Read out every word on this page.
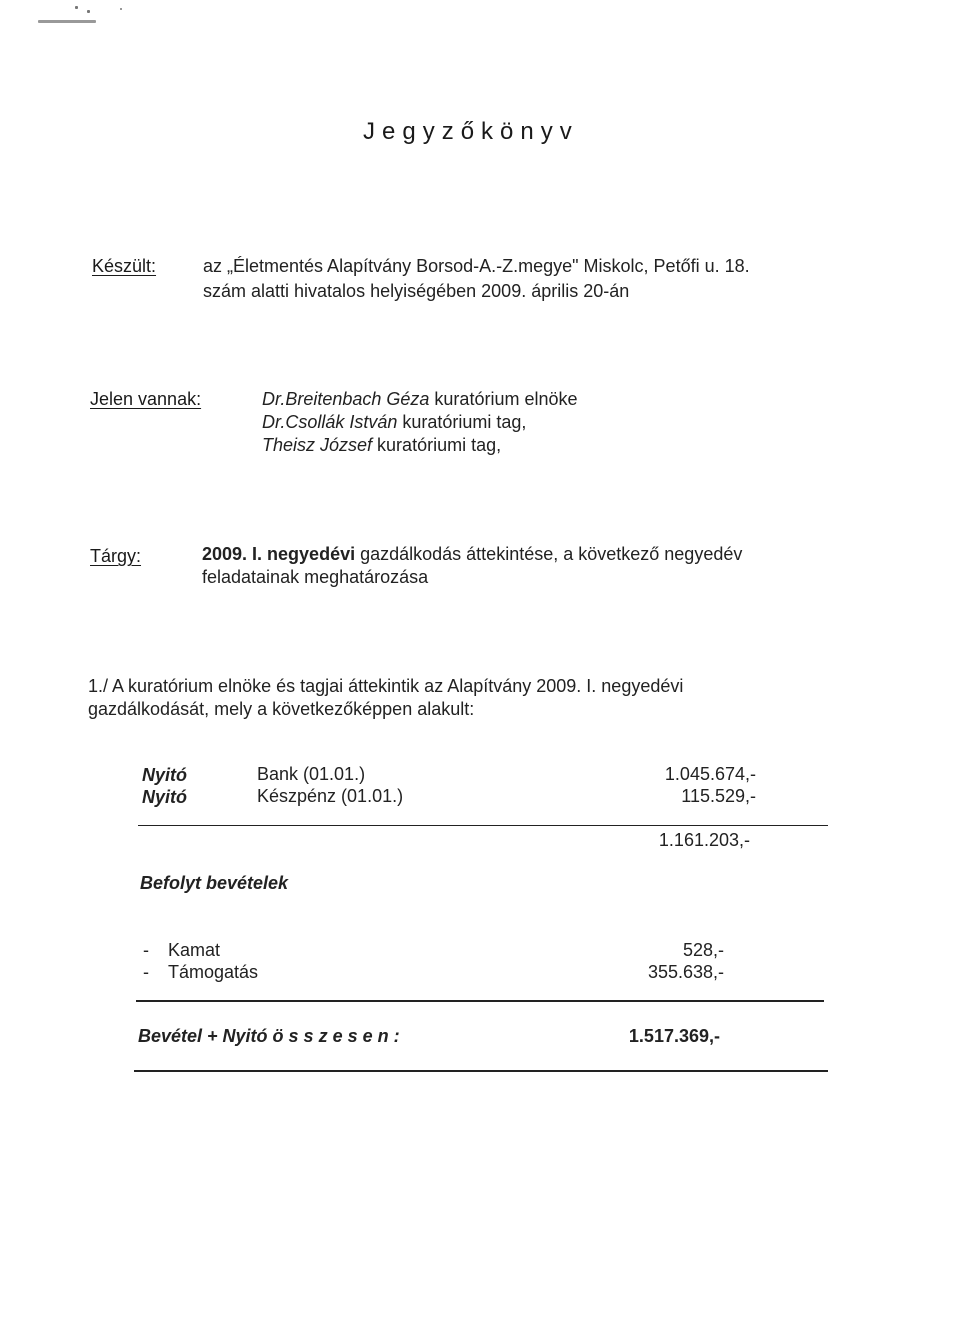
Jegyzőkönyv
Készült:	az „Életmentés Alapítvány Borsod-A.-Z.megye" Miskolc, Petőfi u. 18.
szám alatti hivatalos helyiségében 2009. április 20-án
Jelen vannak:	Dr.Breitenbach Géza kuratórium elnöke
Dr.Csollák István kuratóriumi tag,
Theisz József kuratóriumi tag,
Tárgy:	2009. I. negyedévi gazdálkodás áttekintése, a következő negyedév
feladatainak meghatározása
1./ A kuratórium elnöke és tagjai áttekintik az Alapítvány 2009. I. negyedévi
gazdálkodását, mely a következőképpen alakult:
Nyitó	Bank (01.01.)	1.045.674,-
Nyitó	Készpénz (01.01.)	115.529,-
1.161.203,-
Befolyt bevételek
- Kamat	528,-
- Támogatás	355.638,-
Bevétel + Nyitó ö s s z e s e n :	1.517.369,-
